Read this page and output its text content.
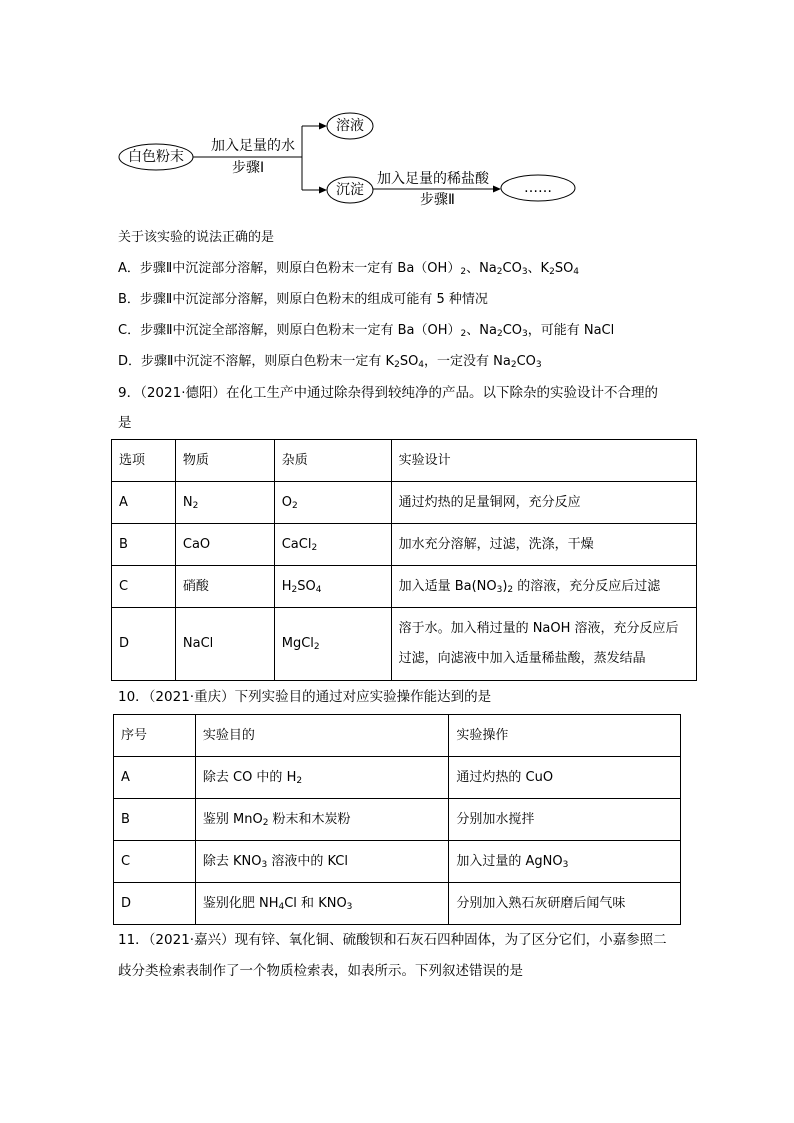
白色粉末
加入足量的水
步骤Ⅰ
溶液
沉淀
加入足量的稀盐酸
步骤Ⅱ
……
关于该实验的说法正确的是
A．步骤Ⅱ中沉淀部分溶解，则原白色粉末一定有 $Ba(OH)_2$、$Na_2CO_3$、$K_2SO_4$
B．步骤Ⅱ中沉淀部分溶解，则原白色粉末的组成可能有 5 种情况
C．步骤Ⅱ中沉淀全部溶解，则原白色粉末一定有 $Ba(OH)_2$、$Na_2CO_3$，可能有 NaCl
D．步骤Ⅱ中沉淀不溶解，则原白色粉末一定有 $K_2SO_4$，一定没有 $Na_2CO_3$
9．（2021·德阳）在化工生产中通过除杂得到较纯净的产品。以下除杂的实验设计不合理的
是
选项	物质	杂质	实验设计
A	$N_2$	$O_2$	通过灼热的足量铜网，充分反应
B	CaO	CaCl$_2$	加水充分溶解，过滤，洗涤，干燥
C	硝酸	$H_2SO_4$	加入适量 $Ba(NO_3)_2$ 的溶液，充分反应后过滤
D	NaCl	MgCl$_2$	溶于水。加入稍过量的 NaOH 溶液，充分反应后
过滤，向滤液中加入适量稀盐酸，蒸发结晶
10．（2021·重庆）下列实验目的通过对应实验操作能达到的是
序号	实验目的	实验操作
A	除去 CO 中的 $H_2$	通过灼热的 CuO
B	鉴别 MnO$_2$ 粉末和木炭粉	分别加水搅拌
C	除去 $KNO_3$ 溶液中的 KCl	加入过量的 AgNO$_3$
D	鉴别化肥 $NH_4Cl$ 和 $KNO_3$	分别加入熟石灰研磨后闻气味
11．（2021·嘉兴）现有锌、氧化铜、硫酸钡和石灰石四种固体，为了区分它们，小嘉参照二
歧分类检索表制作了一个物质检索表，如表所示。下列叙述错误的是
